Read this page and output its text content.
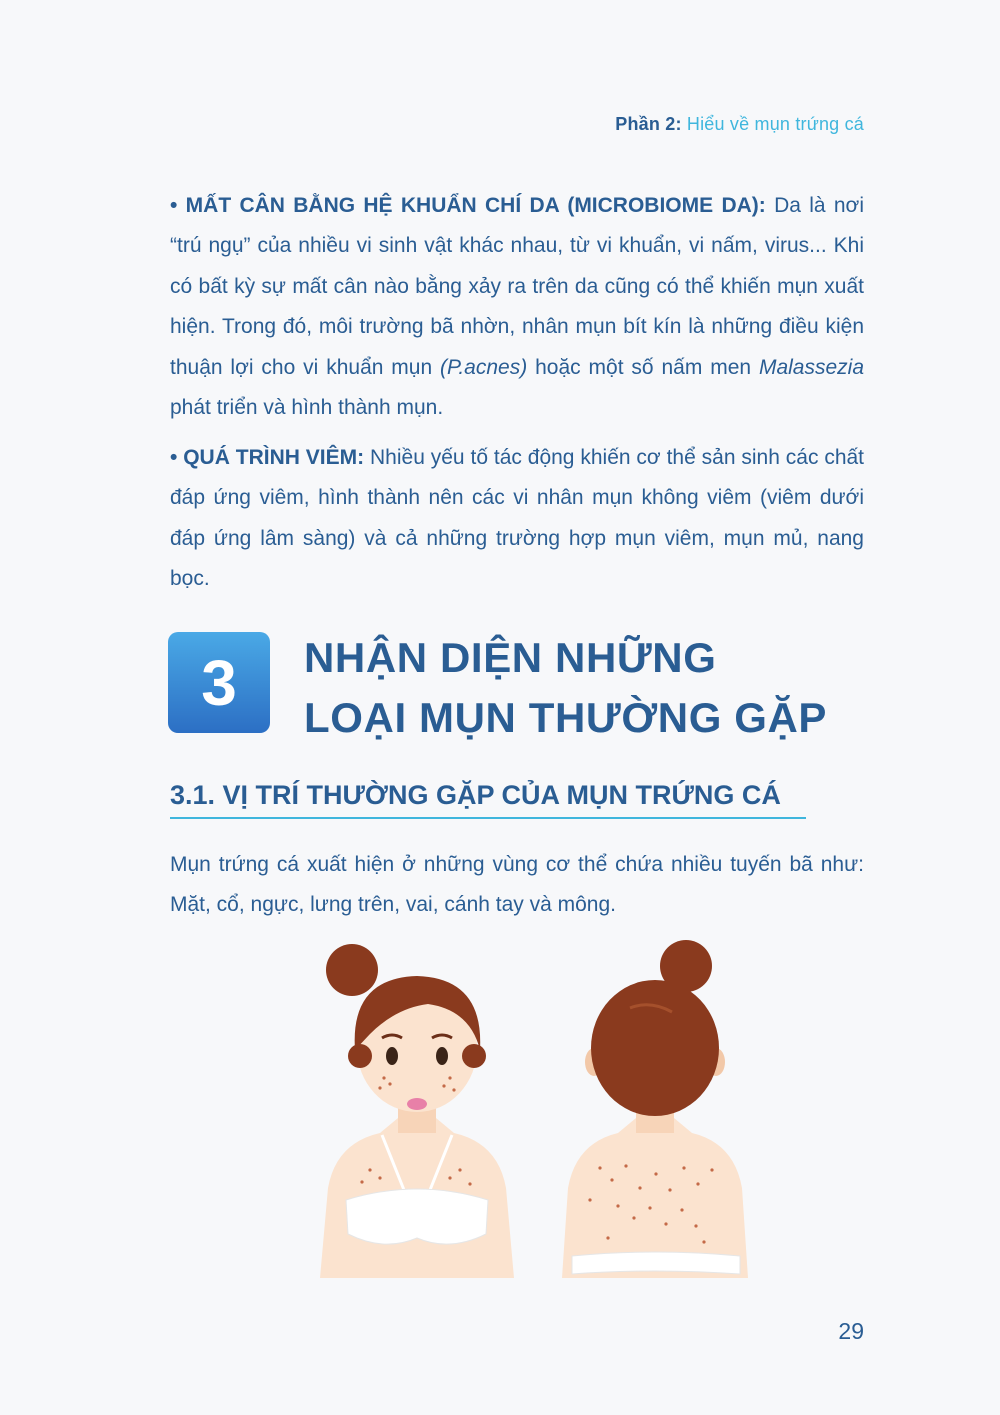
Phần 2: Hiểu về mụn trứng cá
• MẤT CÂN BẰNG HỆ KHUẨN CHÍ DA (MICROBIOME DA): Da là nơi “trú ngụ” của nhiều vi sinh vật khác nhau, từ vi khuẩn, vi nấm, virus... Khi có bất kỳ sự mất cân nào bằng xảy ra trên da cũng có thể khiến mụn xuất hiện. Trong đó, môi trường bã nhờn, nhân mụn bít kín là những điều kiện thuận lợi cho vi khuẩn mụn (P.acnes) hoặc một số nấm men Malassezia phát triển và hình thành mụn.
• QUÁ TRÌNH VIÊM: Nhiều yếu tố tác động khiến cơ thể sản sinh các chất đáp ứng viêm, hình thành nên các vi nhân mụn không viêm (viêm dưới đáp ứng lâm sàng) và cả những trường hợp mụn viêm, mụn mủ, nang bọc.
3	NHẬN DIỆN NHỮNG
LOẠI MỤN THƯỜNG GẶP
3.1. VỊ TRÍ THƯỜNG GẶP CỦA MỤN TRỨNG CÁ
Mụn trứng cá xuất hiện ở những vùng cơ thể chứa nhiều tuyến bã như: Mặt, cổ, ngực, lưng trên, vai, cánh tay và mông.
29
